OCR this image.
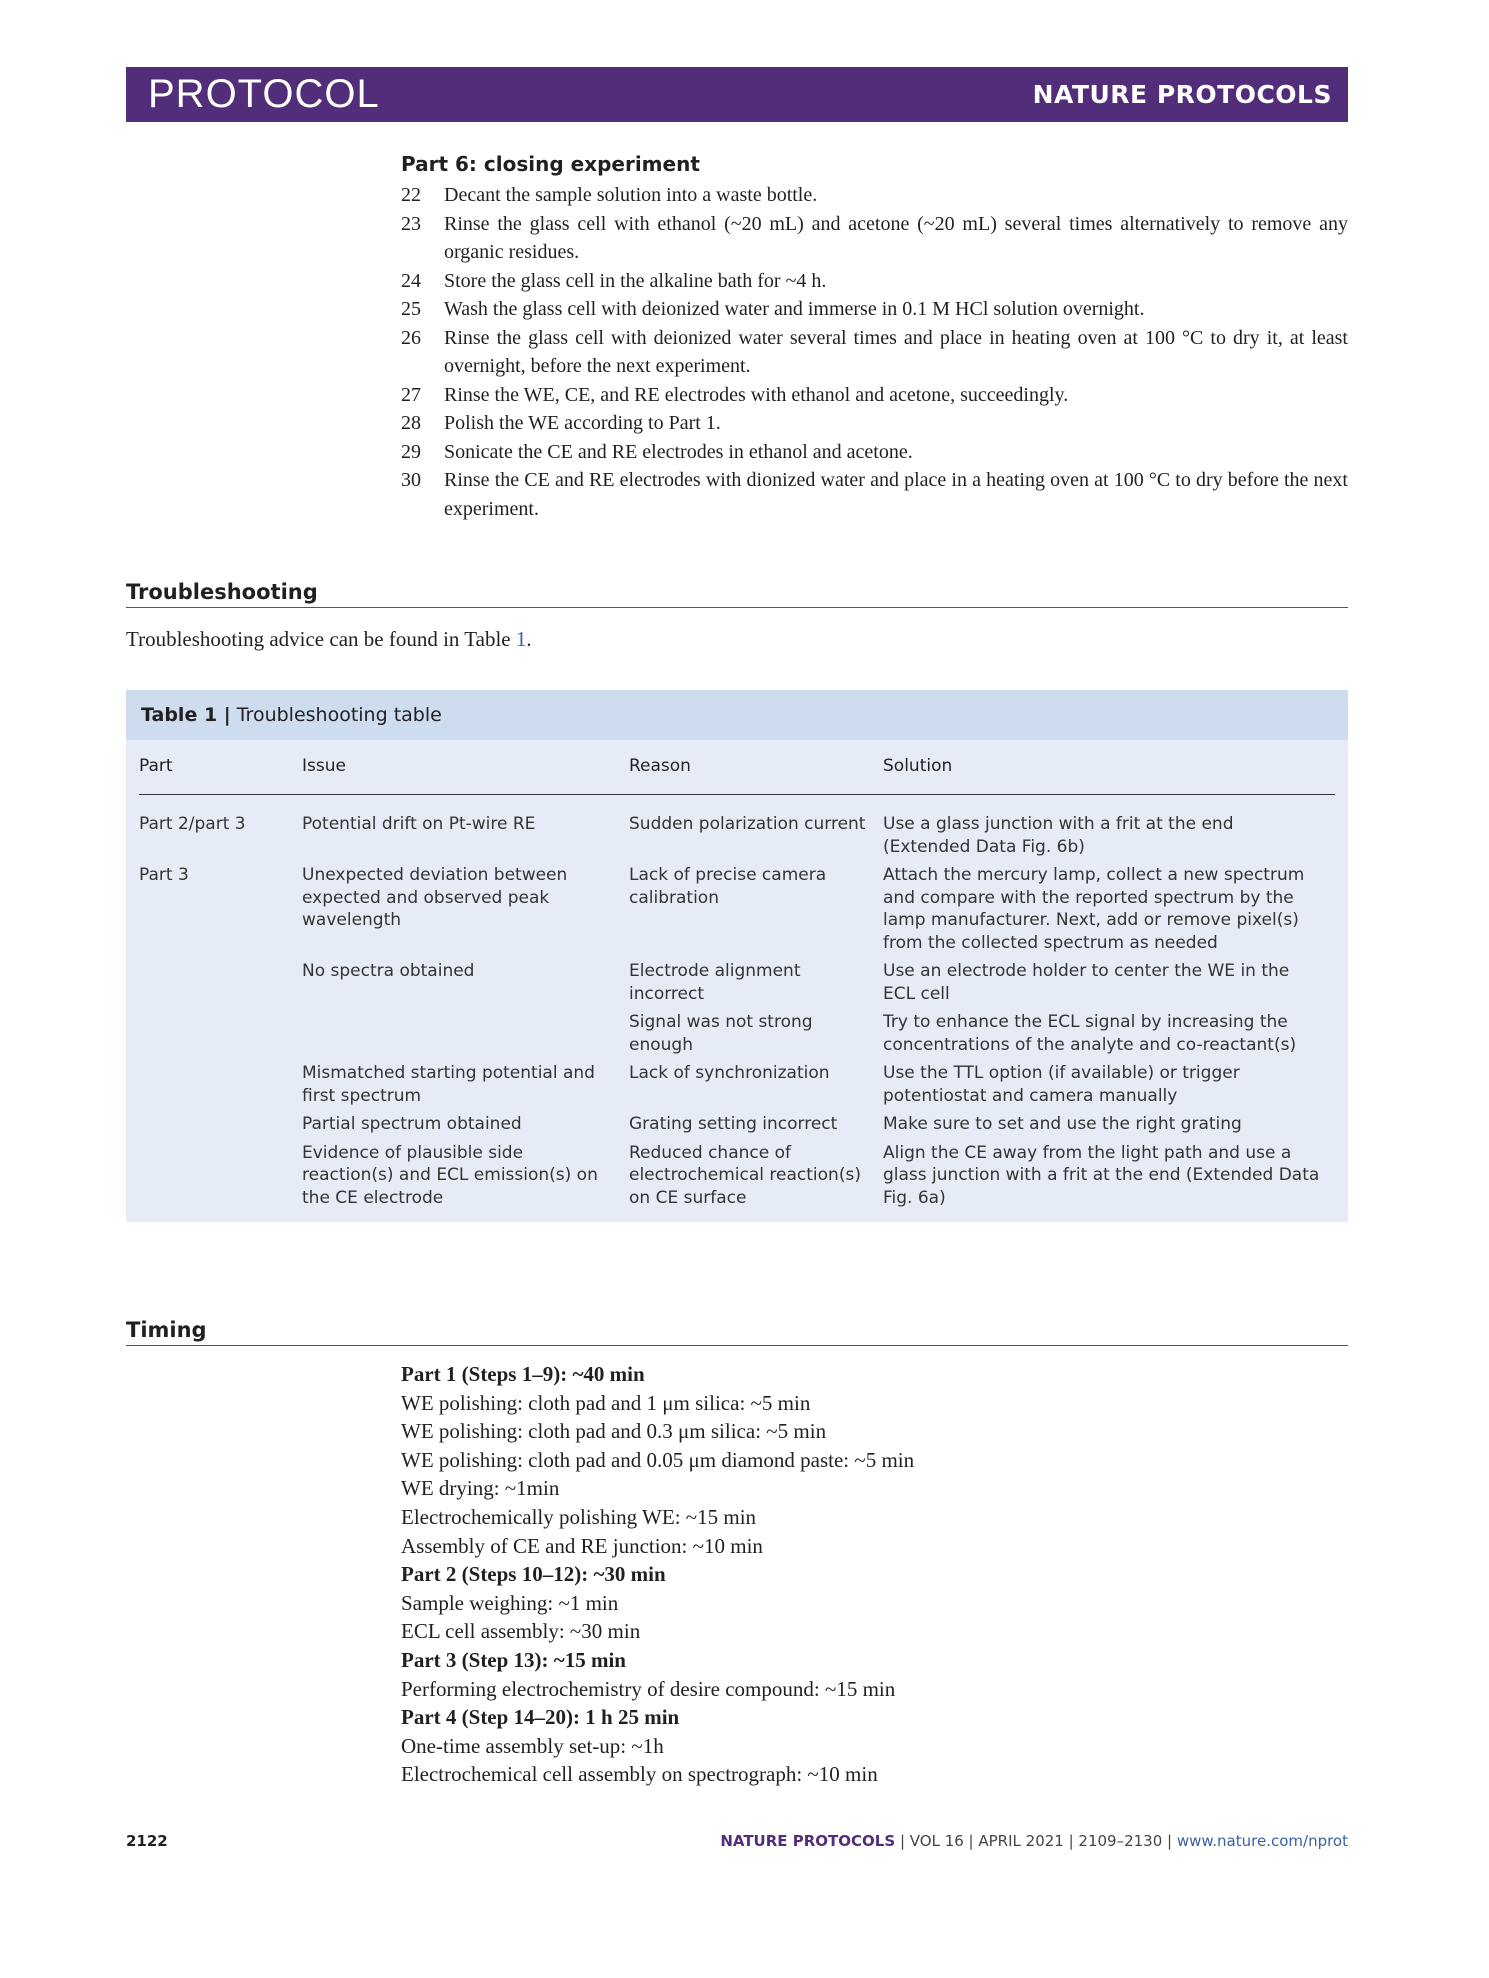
PROTOCOL	NATURE PROTOCOLS
Part 6: closing experiment
22	Decant the sample solution into a waste bottle.
23	Rinse the glass cell with ethanol (~20 mL) and acetone (~20 mL) several times alternatively to remove any organic residues.
24	Store the glass cell in the alkaline bath for ~4 h.
25	Wash the glass cell with deionized water and immerse in 0.1 M HCl solution overnight.
26	Rinse the glass cell with deionized water several times and place in heating oven at 100 °C to dry it, at least overnight, before the next experiment.
27	Rinse the WE, CE, and RE electrodes with ethanol and acetone, succeedingly.
28	Polish the WE according to Part 1.
29	Sonicate the CE and RE electrodes in ethanol and acetone.
30	Rinse the CE and RE electrodes with dionized water and place in a heating oven at 100 °C to dry before the next experiment.
Troubleshooting

Troubleshooting advice can be found in Table 1.

Table 1 | Troubleshooting table
Part	Issue	Reason	Solution
Part 2/part 3	Potential drift on Pt-wire RE	Sudden polarization current	Use a glass junction with a frit at the end (Extended Data Fig. 6b)
Part 3	Unexpected deviation between expected and observed peak wavelength	Lack of precise camera calibration	Attach the mercury lamp, collect a new spectrum and compare with the reported spectrum by the lamp manufacturer. Next, add or remove pixel(s) from the collected spectrum as needed
	No spectra obtained	Electrode alignment incorrect	Use an electrode holder to center the WE in the ECL cell
		Signal was not strong enough	Try to enhance the ECL signal by increasing the concentrations of the analyte and co-reactant(s)
	Mismatched starting potential and first spectrum	Lack of synchronization	Use the TTL option (if available) or trigger potentiostat and camera manually
	Partial spectrum obtained	Grating setting incorrect	Make sure to set and use the right grating
	Evidence of plausible side reaction(s) and ECL emission(s) on the CE electrode	Reduced chance of electrochemical reaction(s) on CE surface	Align the CE away from the light path and use a glass junction with a frit at the end (Extended Data Fig. 6a)
Timing
Part 1 (Steps 1–9): ~40 min
WE polishing: cloth pad and 1 μm silica: ~5 min
WE polishing: cloth pad and 0.3 μm silica: ~5 min
WE polishing: cloth pad and 0.05 μm diamond paste: ~5 min
WE drying: ~1min
Electrochemically polishing WE: ~15 min
Assembly of CE and RE junction: ~10 min
Part 2 (Steps 10–12): ~30 min
Sample weighing: ~1 min
ECL cell assembly: ~30 min
Part 3 (Step 13): ~15 min
Performing electrochemistry of desire compound: ~15 min
Part 4 (Step 14–20): 1 h 25 min
One-time assembly set-up: ~1h
Electrochemical cell assembly on spectrograph: ~10 min
2122	NATURE PROTOCOLS | VOL 16 | APRIL 2021 | 2109–2130 | www.nature.com/nprot
